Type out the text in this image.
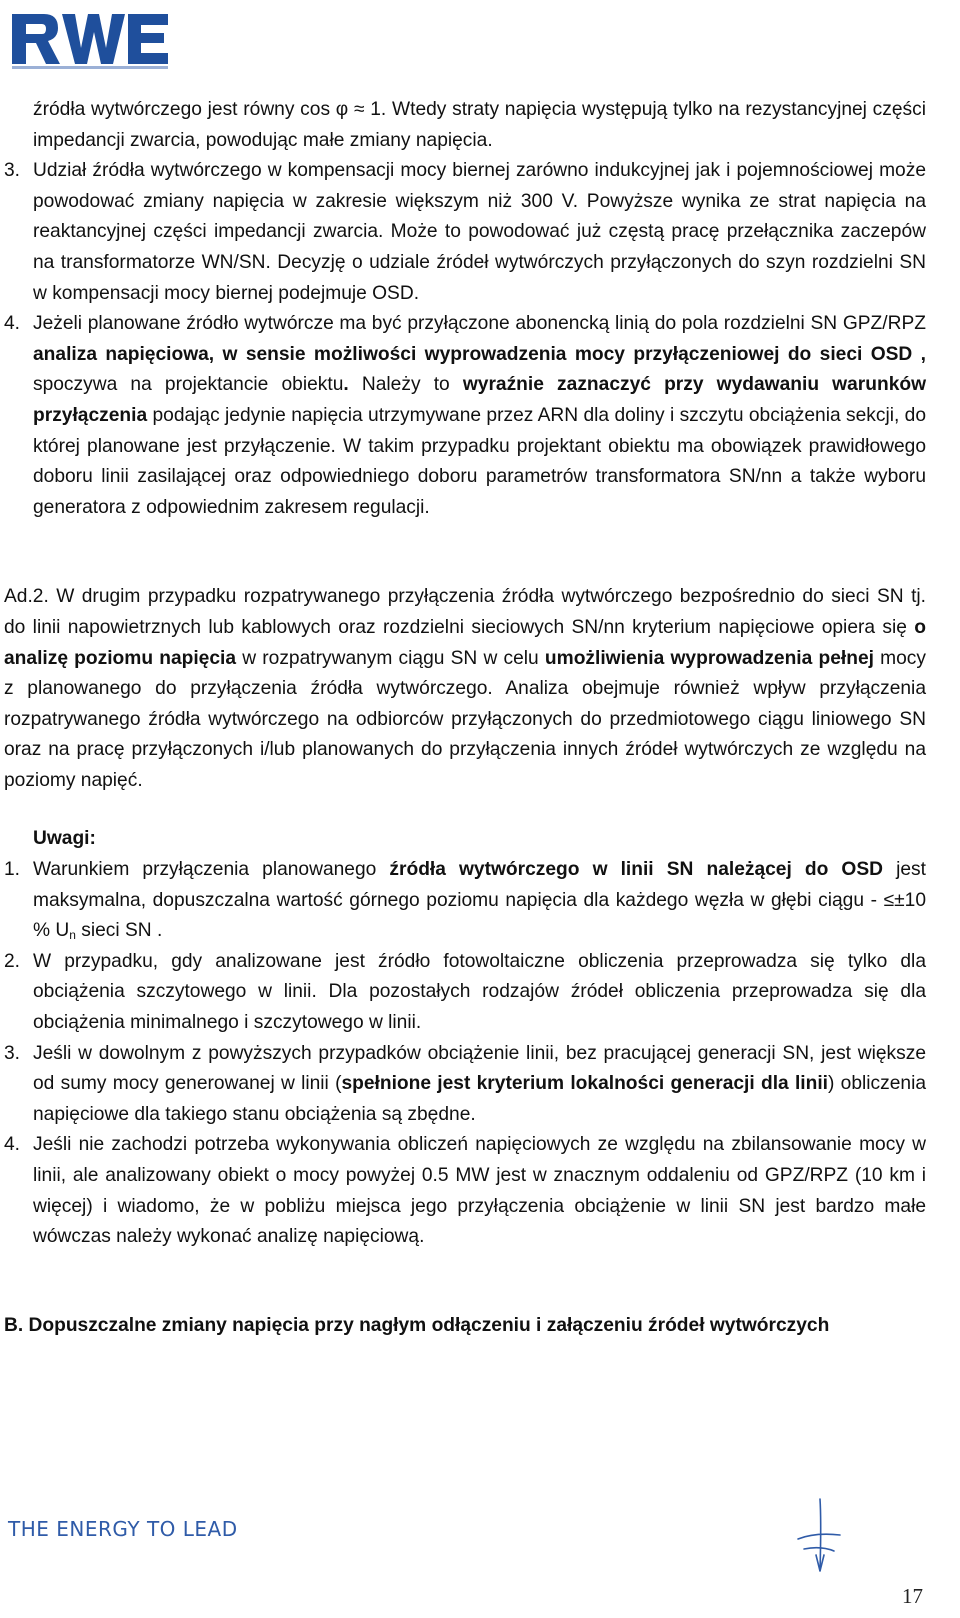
źródła wytwórczego jest równy cos φ ≈ 1. Wtedy straty napięcia występują tylko na rezystancyjnej części impedancji zwarcia, powodując małe zmiany napięcia.

3. Udział źródła wytwórczego w kompensacji mocy biernej zarówno indukcyjnej jak i pojemnościowej może powodować zmiany napięcia w zakresie większym niż 300 V. Powyższe wynika ze strat napięcia na reaktancyjnej części impedancji zwarcia. Może to powodować już częstą pracę przełącznika zaczepów na transformatorze WN/SN. Decyzję o udziale źródeł wytwórczych przyłączonych do szyn rozdzielni SN w kompensacji mocy biernej podejmuje OSD.

4. Jeżeli planowane źródło wytwórcze ma być przyłączone abonencką linią do pola rozdzielni SN GPZ/RPZ analiza napięciowa, w sensie możliwości wyprowadzenia mocy przyłączeniowej do sieci OSD , spoczywa na projektancie obiektu. Należy to wyraźnie zaznaczyć przy wydawaniu warunków przyłączenia podając jedynie napięcia utrzymywane przez ARN dla doliny i szczytu obciążenia sekcji, do której planowane jest przyłączenie. W takim przypadku projektant obiektu ma obowiązek prawidłowego doboru linii zasilającej oraz odpowiedniego doboru parametrów transformatora SN/nn a także wyboru generatora z odpowiednim zakresem regulacji.

Ad.2. W drugim przypadku rozpatrywanego przyłączenia źródła wytwórczego bezpośrednio do sieci SN tj. do linii napowietrznych lub kablowych oraz rozdzielni sieciowych SN/nn kryterium napięciowe opiera się o analizę poziomu napięcia w rozpatrywanym ciągu SN w celu umożliwienia wyprowadzenia pełnej mocy z planowanego do przyłączenia źródła wytwórczego. Analiza obejmuje również wpływ przyłączenia rozpatrywanego źródła wytwórczego na odbiorców przyłączonych do przedmiotowego ciągu liniowego SN oraz na pracę przyłączonych i/lub planowanych do przyłączenia innych źródeł wytwórczych ze względu na poziomy napięć.

Uwagi:

1. Warunkiem przyłączenia planowanego źródła wytwórczego w linii SN należącej do OSD jest maksymalna, dopuszczalna wartość górnego poziomu napięcia dla każdego węzła w głębi ciągu - ≤±10 % $U_n$ sieci SN .

2. W przypadku, gdy analizowane jest źródło fotowoltaiczne obliczenia przeprowadza się tylko dla obciążenia szczytowego w linii. Dla pozostałych rodzajów źródeł obliczenia przeprowadza się dla obciążenia minimalnego i szczytowego w linii.

3. Jeśli w dowolnym z powyższych przypadków obciążenie linii, bez pracującej generacji SN, jest większe od sumy mocy generowanej w linii (spełnione jest kryterium lokalności generacji dla linii) obliczenia napięciowe dla takiego stanu obciążenia są zbędne.

4. Jeśli nie zachodzi potrzeba wykonywania obliczeń napięciowych ze względu na zbilansowanie mocy w linii, ale analizowany obiekt o mocy powyżej 0.5 MW jest w znacznym oddaleniu od GPZ/RPZ (10 km i więcej) i wiadomo, że w pobliżu miejsca jego przyłączenia obciążenie w linii SN jest bardzo małe wówczas należy wykonać analizę napięciową.

B. Dopuszczalne zmiany napięcia przy nagłym odłączeniu i załączeniu źródeł wytwórczych

THE ENERGY TO LEAD
17
